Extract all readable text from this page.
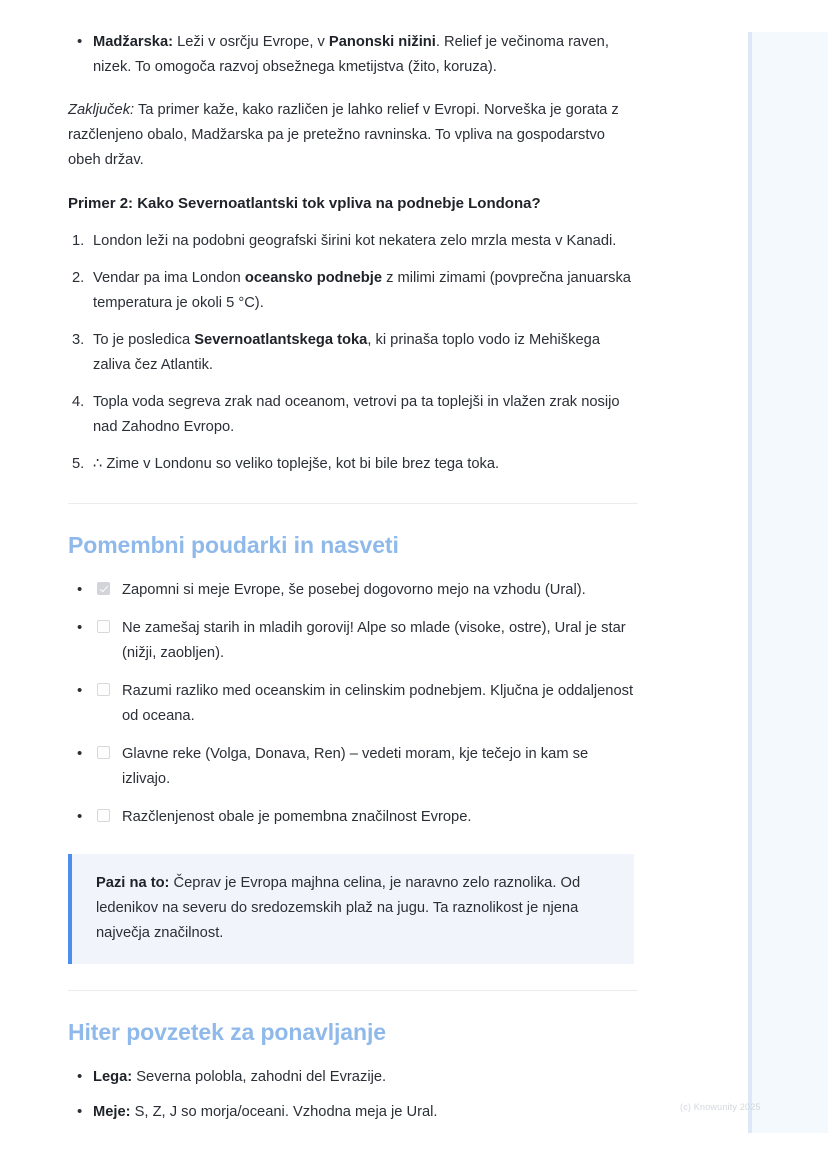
• Madžarska: Leži v osrčju Evrope, v Panonski nižini. Relief je večinoma raven, nizek. To omogoča razvoj obsežnega kmetijstva (žito, koruza).

Zaključek: Ta primer kaže, kako različen je lahko relief v Evropi. Norveška je gorata z razčlenjeno obalo, Madžarska pa je pretežno ravninska. To vpliva na gospodarstvo obeh držav.

Primer 2: Kako Severnoatlantski tok vpliva na podnebje Londona?

London leži na podobni geografski širini kot nekatera zelo mrzla mesta v Kanadi.
Vendar pa ima London oceansko podnebje z milimi zimami (povprečna januarska temperatura je okoli 5 °C).
To je posledica Severnoatlantskega toka, ki prinaša toplo vodo iz Mehiškega zaliva čez Atlantik.
Topla voda segreva zrak nad oceanom, vetrovi pa ta toplejši in vlažen zrak nosijo nad Zahodno Evropo.
∴ Zime v Londonu so veliko toplejše, kot bi bile brez tega toka.
Pomembni poudarki in nasveti
• Zapomni si meje Evrope, še posebej dogovorno mejo na vzhodu (Ural).
• Ne zamešaj starih in mladih gorovij! Alpe so mlade (visoke, ostre), Ural je star (nižji, zaobljen).
• Razumi razliko med oceanskim in celinskim podnebjem. Ključna je oddaljenost od oceana.
• Glavne reke (Volga, Donava, Ren) – vedeti moram, kje tečejo in kam se izlivajo.
• Razčlenjenost obale je pomembna značilnost Evrope.

Pazi na to: Čeprav je Evropa majhna celina, je naravno zelo raznolika. Od ledenikov na severu do sredozemskih plaž na jugu. Ta raznolikost je njena največja značilnost.

Hiter povzetek za ponavljanje
• Lega: Severna polobla, zahodni del Evrazije.
• Meje: S, Z, J so morja/oceani. Vzhodna meja je Ural.	(c) Knowunity 2025
